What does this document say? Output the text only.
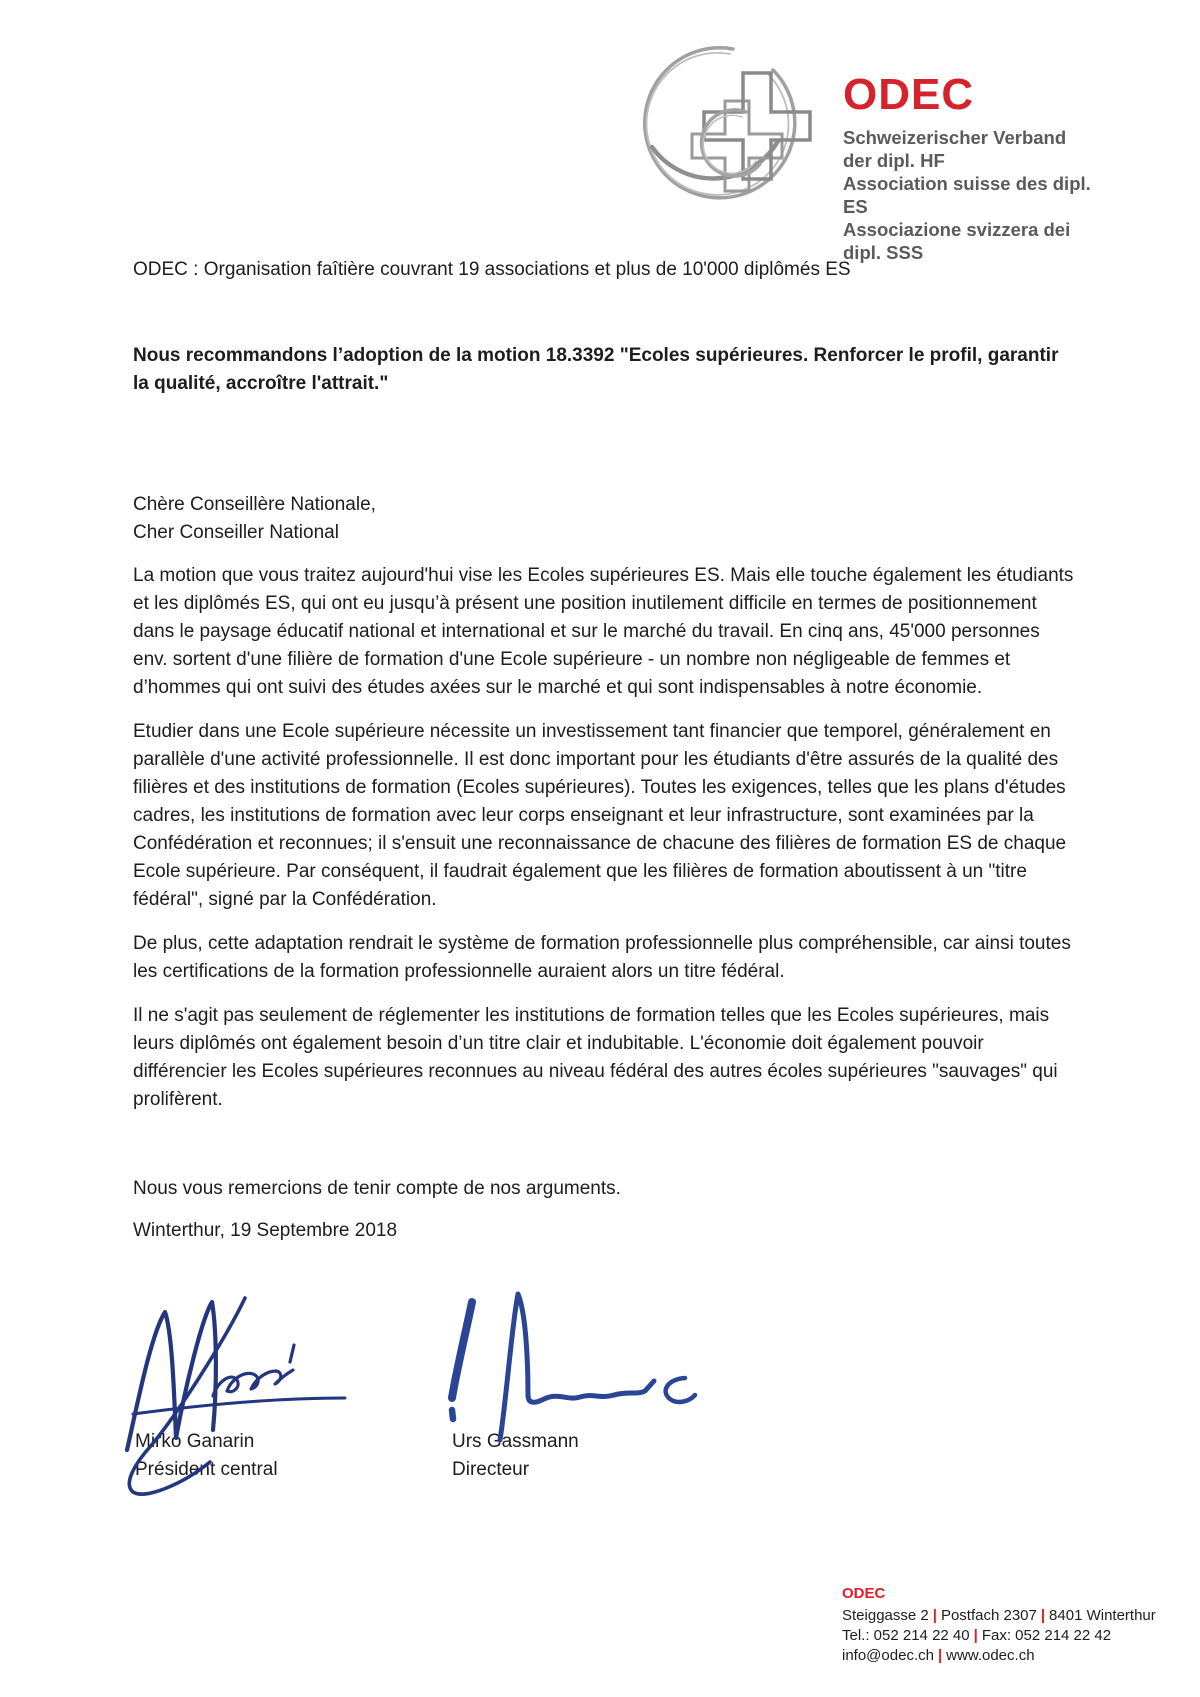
ODEC
Schweizerischer Verband der dipl. HF
Association suisse des dipl. ES
Associazione svizzera dei dipl. SSS

ODEC : Organisation faîtière couvrant 19 associations et plus de 10'000 diplômés ES

Nous recommandons l’adoption de la motion 18.3392 "Ecoles supérieures. Renforcer le profil, garantir la qualité, accroître l'attrait."

Chère Conseillère Nationale,
Cher Conseiller National

La motion que vous traitez aujourd'hui vise les Ecoles supérieures ES. Mais elle touche également les étudiants et les diplômés ES, qui ont eu jusqu’à présent une position inutilement difficile en termes de positionnement dans le paysage éducatif national et international et sur le marché du travail. En cinq ans, 45'000 personnes env. sortent d'une filière de formation d'une Ecole supérieure - un nombre non négligeable de femmes et d’hommes qui ont suivi des études axées sur le marché et qui sont indispensables à notre économie.

Etudier dans une Ecole supérieure nécessite un investissement tant financier que temporel, généralement en parallèle d'une activité professionnelle. Il est donc important pour les étudiants d'être assurés de la qualité des filières et des institutions de formation (Ecoles supérieures). Toutes les exigences, telles que les plans d'études cadres, les institutions de formation avec leur corps enseignant et leur infrastructure, sont examinées par la Confédération et reconnues; il s'ensuit une reconnaissance de chacune des filières de formation ES de chaque Ecole supérieure. Par conséquent, il faudrait également que les filières de formation aboutissent à un "titre fédéral", signé par la Confédération.

De plus, cette adaptation rendrait le système de formation professionnelle plus compréhensible, car ainsi toutes les certifications de la formation professionnelle auraient alors un titre fédéral.

Il ne s'agit pas seulement de réglementer les institutions de formation telles que les Ecoles supérieures, mais leurs diplômés ont également besoin d’un titre clair et indubitable. L'économie doit également pouvoir différencier les Ecoles supérieures reconnues au niveau fédéral des autres écoles supérieures "sauvages" qui prolifèrent.

Nous vous remercions de tenir compte de nos arguments.

Winterthur, 19 Septembre 2018

Mirko Ganarin
Président central
Urs Gassmann
Directeur
ODEC
Steiggasse 2 | Postfach 2307 | 8401 Winterthur
Tel.: 052 214 22 40 | Fax: 052 214 22 42
info@odec.ch | www.odec.ch
